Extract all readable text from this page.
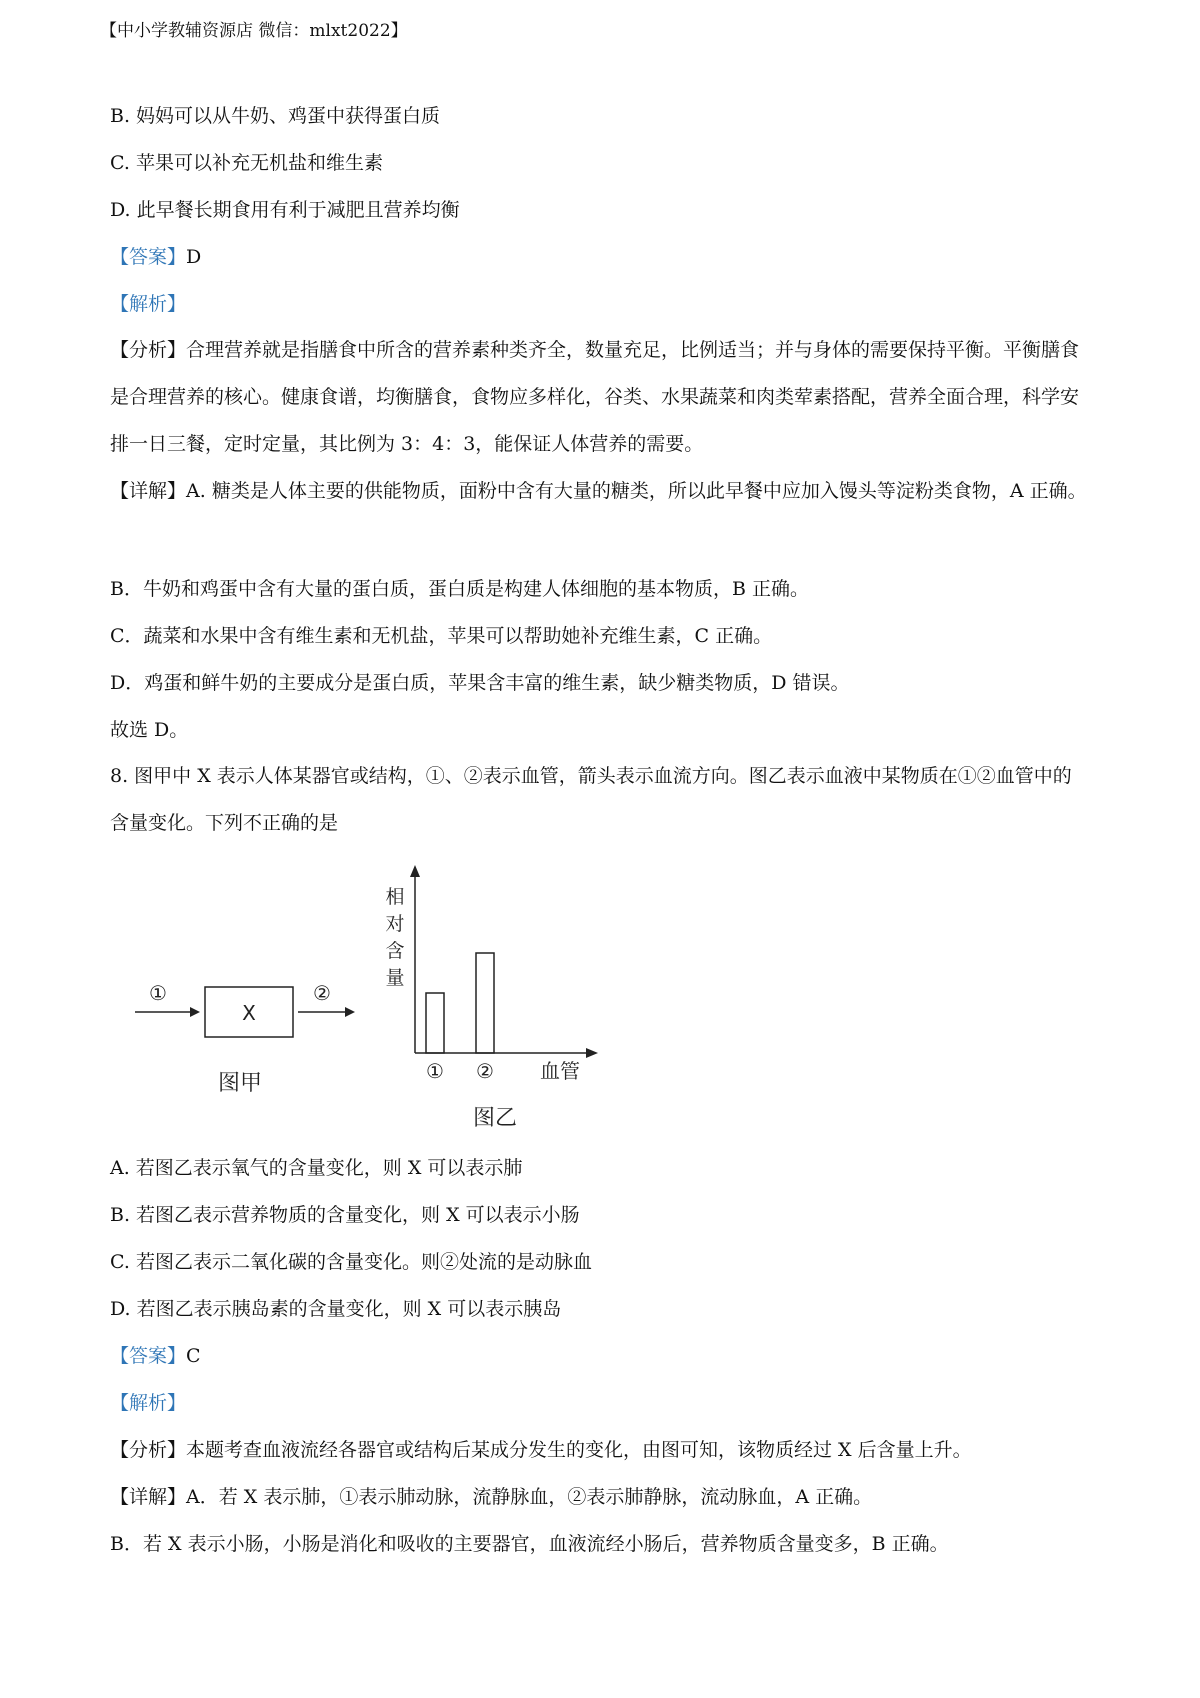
【中小学教辅资源店 微信：mlxt2022】
B. 妈妈可以从牛奶、鸡蛋中获得蛋白质
C. 苹果可以补充无机盐和维生素
D. 此早餐长期食用有利于减肥且营养均衡
【答案】D
【解析】
【分析】合理营养就是指膳食中所含的营养素种类齐全，数量充足，比例适当；并与身体的需要保持平衡。平衡膳食是合理营养的核心。健康食谱，均衡膳食，食物应多样化，谷类、水果蔬菜和肉类荤素搭配，营养全面合理，科学安排一日三餐，定时定量，其比例为 3：4：3，能保证人体营养的需要。
【详解】A. 糖类是人体主要的供能物质，面粉中含有大量的糖类，所以此早餐中应加入馒头等淀粉类食物，A 正确。
B．牛奶和鸡蛋中含有大量的蛋白质，蛋白质是构建人体细胞的基本物质，B 正确。
C．蔬菜和水果中含有维生素和无机盐，苹果可以帮助她补充维生素，C 正确。
D．鸡蛋和鲜牛奶的主要成分是蛋白质，苹果含丰富的维生素，缺少糖类物质，D 错误。
故选 D。
8. 图甲中 X 表示人体某器官或结构，①、②表示血管，箭头表示血流方向。图乙表示血液中某物质在①②血管中的含量变化。下列不正确的是
①
X
②
图甲
相
对
含
量
血管
图乙
① ②
A. 若图乙表示氧气的含量变化，则 X 可以表示肺
B. 若图乙表示营养物质的含量变化，则 X 可以表示小肠
C. 若图乙表示二氧化碳的含量变化。则②处流的是动脉血
D. 若图乙表示胰岛素的含量变化，则 X 可以表示胰岛
【答案】C
【解析】
【分析】本题考查血液流经各器官或结构后某成分发生的变化，由图可知，该物质经过 X 后含量上升。
【详解】A．若 X 表示肺，①表示肺动脉，流静脉血，②表示肺静脉，流动脉血，A 正确。
B．若 X 表示小肠，小肠是消化和吸收的主要器官，血液流经小肠后，营养物质含量变多，B 正确。
